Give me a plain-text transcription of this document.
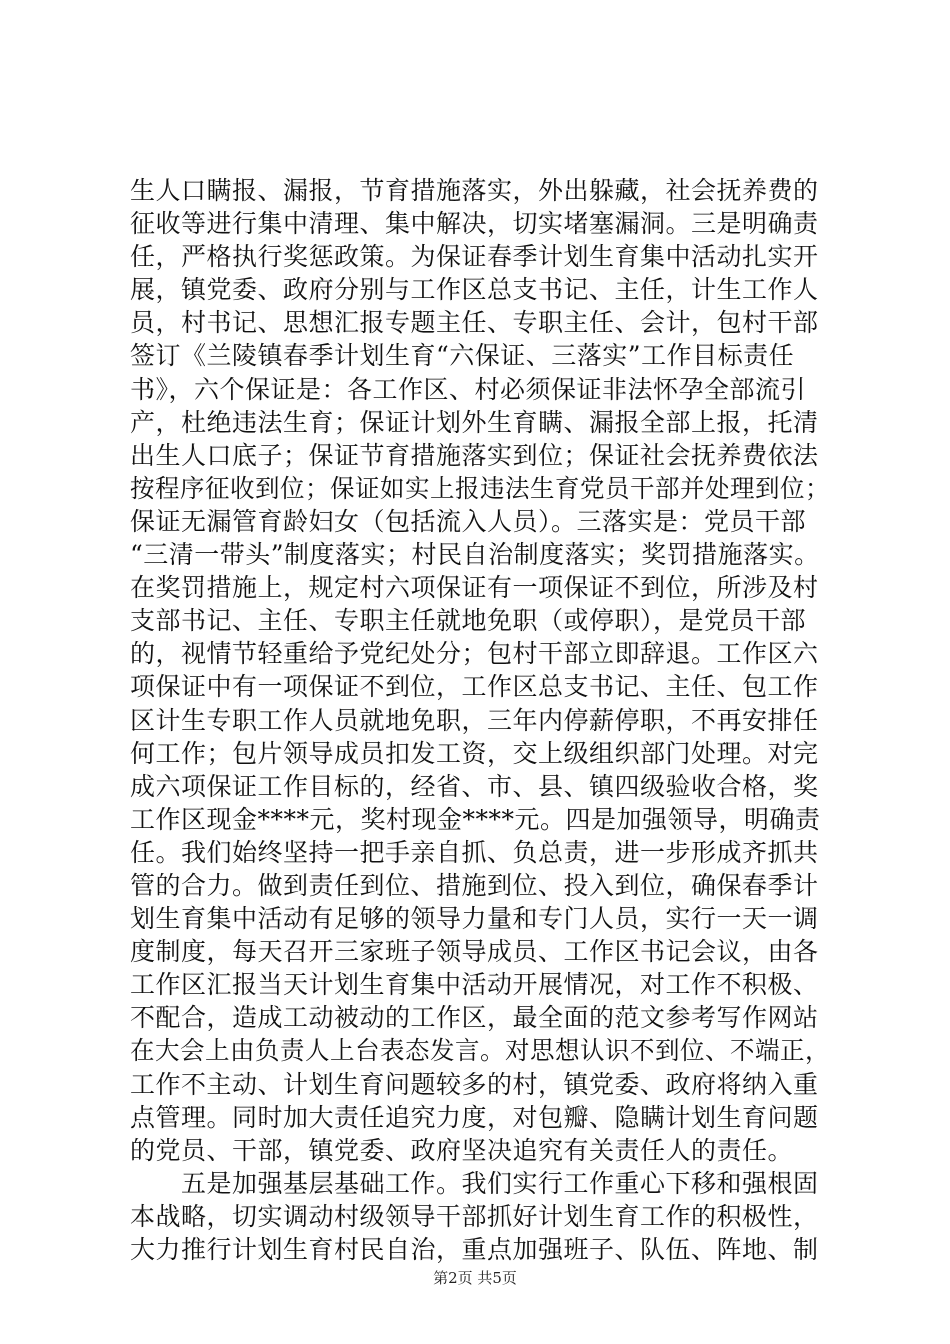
生人口瞒报、漏报，节育措施落实，外出躲藏，社会抚养费的
征收等进行集中清理、集中解决，切实堵塞漏洞。三是明确责
任，严格执行奖惩政策。为保证春季计划生育集中活动扎实开
展，镇党委、政府分别与工作区总支书记、主任，计生工作人
员，村书记、思想汇报专题主任、专职主任、会计，包村干部
签订《兰陵镇春季计划生育“六保证、三落实”工作目标责任
书》，六个保证是：各工作区、村必须保证非法怀孕全部流引
产，杜绝违法生育；保证计划外生育瞒、漏报全部上报，托清
出生人口底子；保证节育措施落实到位；保证社会抚养费依法
按程序征收到位；保证如实上报违法生育党员干部并处理到位；
保证无漏管育龄妇女（包括流入人员）。三落实是：党员干部
“三清一带头”制度落实；村民自治制度落实；奖罚措施落实。
在奖罚措施上，规定村六项保证有一项保证不到位，所涉及村
支部书记、主任、专职主任就地免职（或停职），是党员干部
的，视情节轻重给予党纪处分；包村干部立即辞退。工作区六
项保证中有一项保证不到位，工作区总支书记、主任、包工作
区计生专职工作人员就地免职，三年内停薪停职，不再安排任
何工作；包片领导成员扣发工资，交上级组织部门处理。对完
成六项保证工作目标的，经省、市、县、镇四级验收合格，奖
工作区现金****元，奖村现金****元。四是加强领导，明确责
任。我们始终坚持一把手亲自抓、负总责，进一步形成齐抓共
管的合力。做到责任到位、措施到位、投入到位，确保春季计
划生育集中活动有足够的领导力量和专门人员，实行一天一调
度制度，每天召开三家班子领导成员、工作区书记会议，由各
工作区汇报当天计划生育集中活动开展情况，对工作不积极、
不配合，造成工动被动的工作区，最全面的范文参考写作网站
在大会上由负责人上台表态发言。对思想认识不到位、不端正，
工作不主动、计划生育问题较多的村，镇党委、政府将纳入重
点管理。同时加大责任追究力度，对包瓣、隐瞒计划生育问题
的党员、干部，镇党委、政府坚决追究有关责任人的责任。
　　五是加强基层基础工作。我们实行工作重心下移和强根固
本战略，切实调动村级领导干部抓好计划生育工作的积极性，
大力推行计划生育村民自治，重点加强班子、队伍、阵地、制
第2页 共5页
